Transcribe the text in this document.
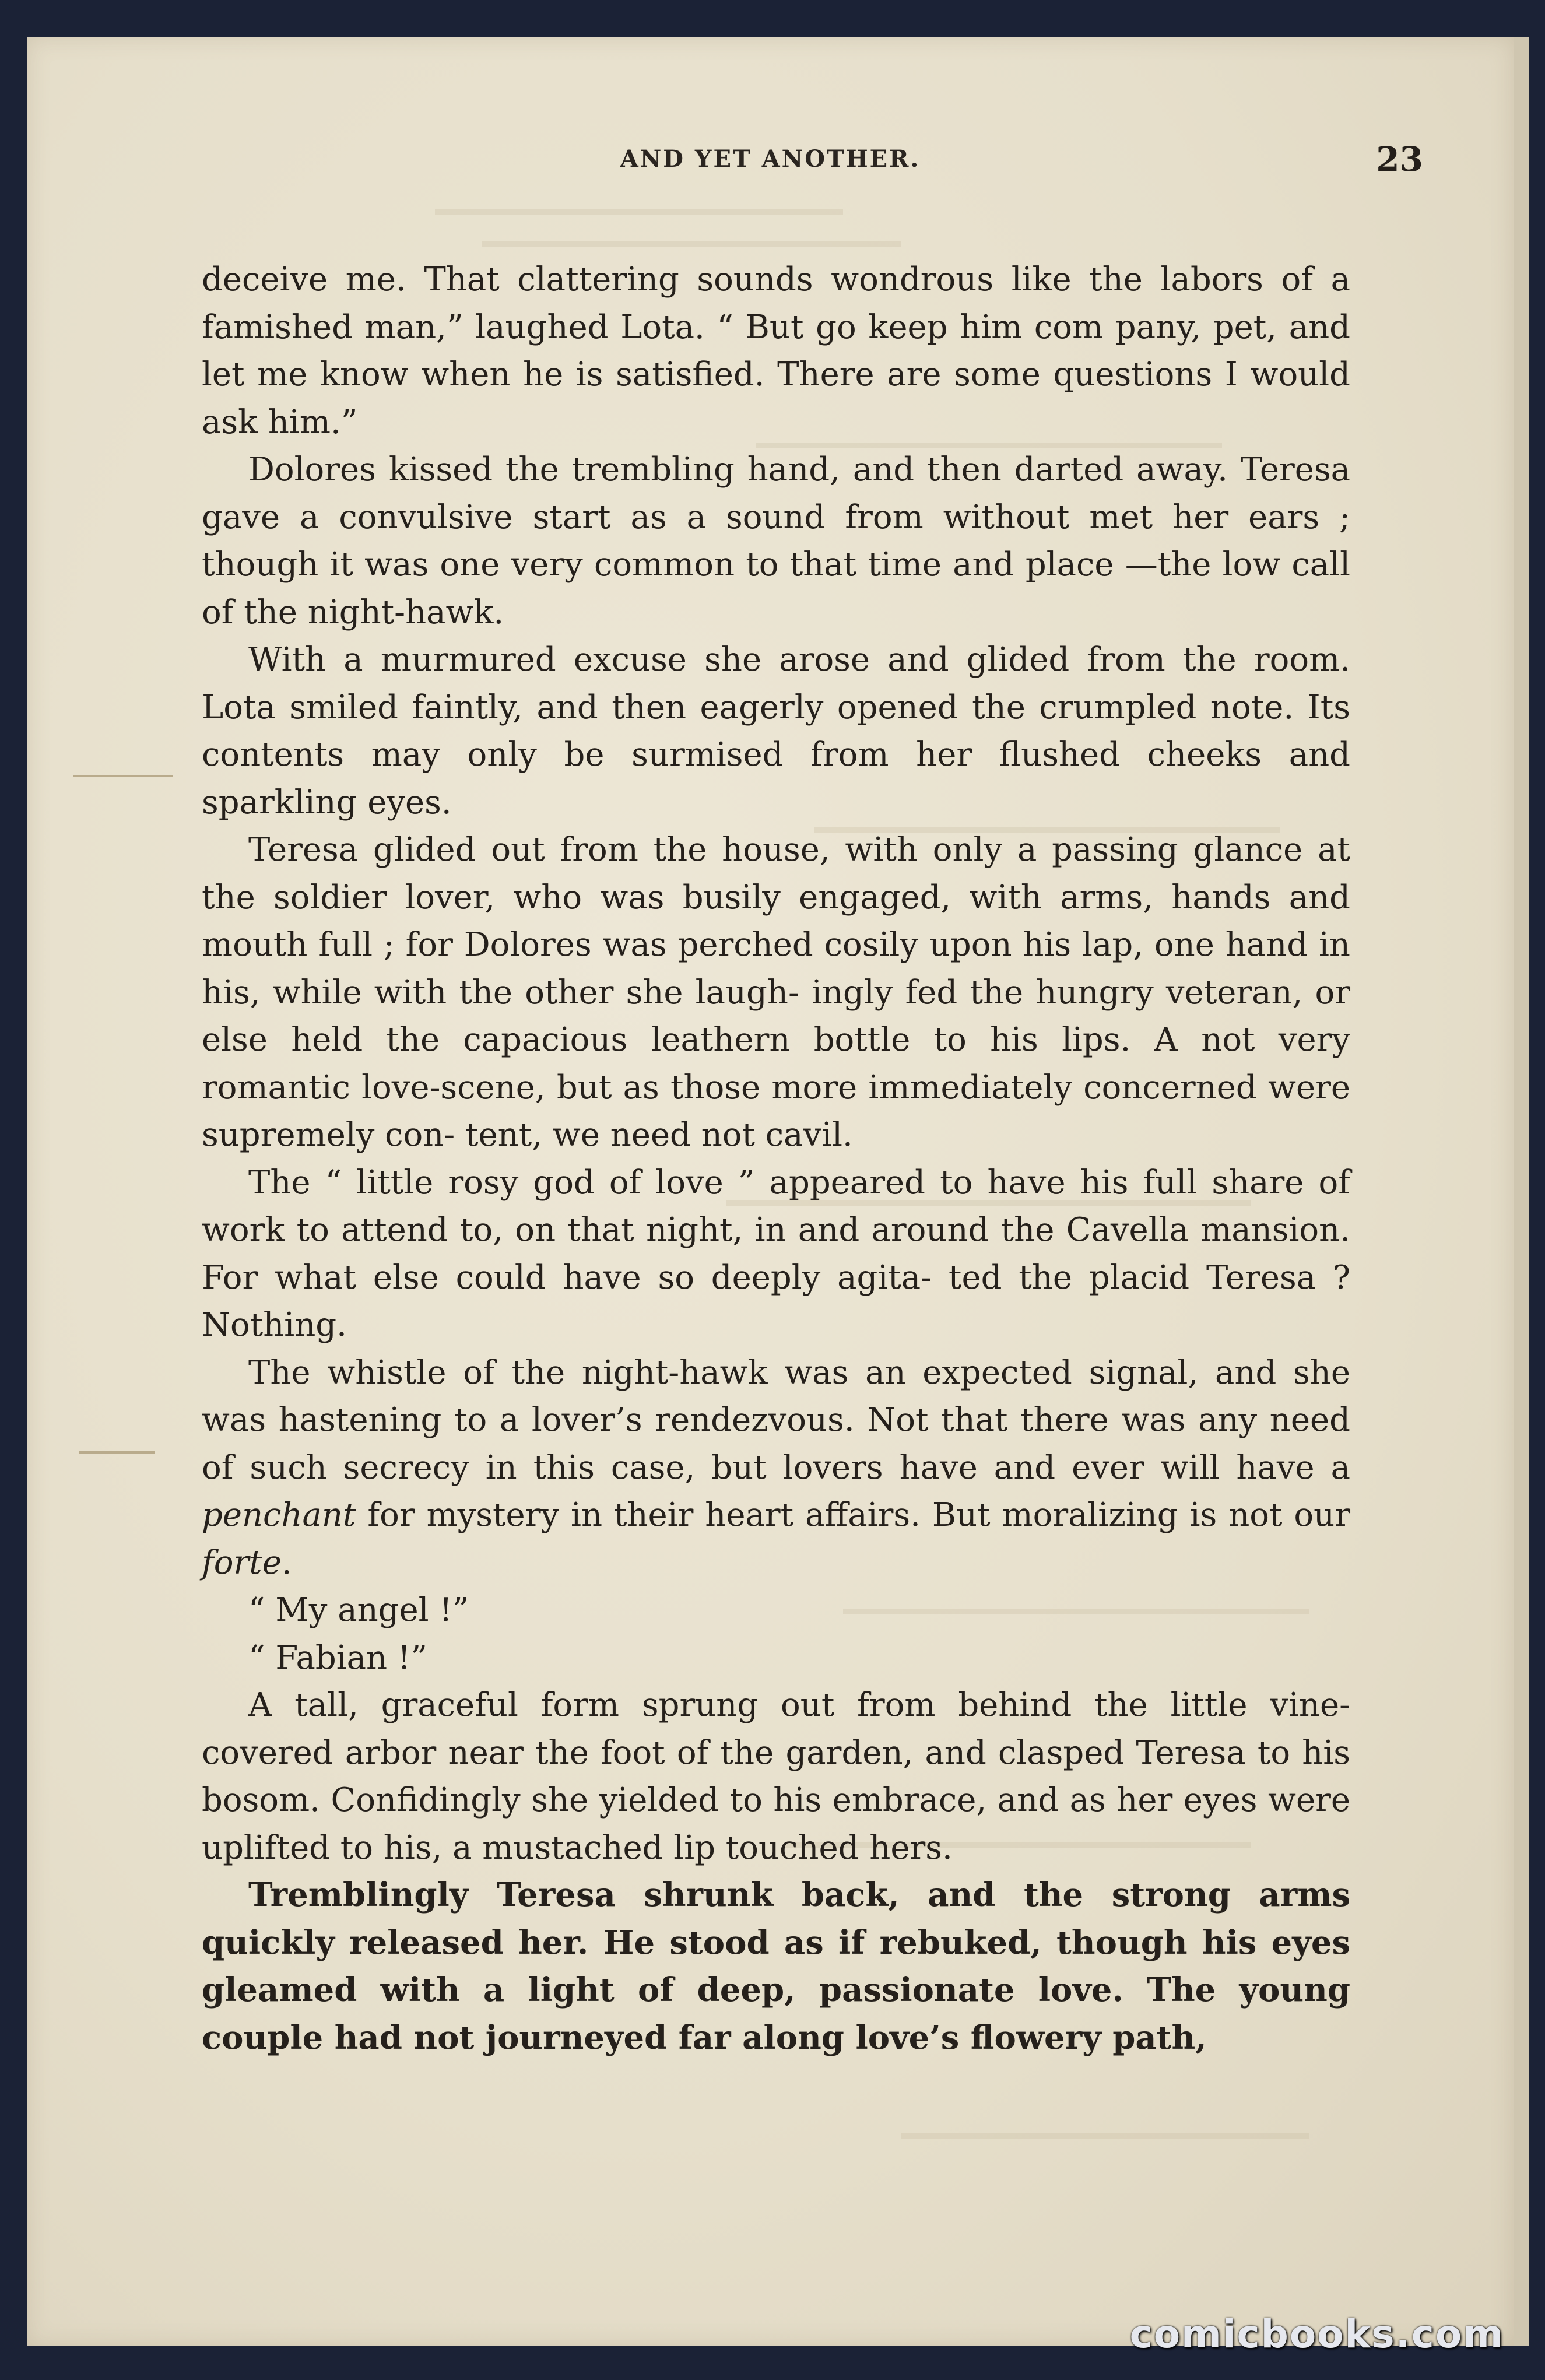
AND YET ANOTHER.	23

deceive me. That clattering sounds wondrous like the labors of a famished man,” laughed Lota. “ But go keep him com pany, pet, and let me know when he is satisfied. There are some questions I would ask him.”

Dolores kissed the trembling hand, and then darted away. Teresa gave a convulsive start as a sound from without met her ears ; though it was one very common to that time and place —the low call of the night-hawk.

With a murmured excuse she arose and glided from the room. Lota smiled faintly, and then eagerly opened the crumpled note. Its contents may only be surmised from her flushed cheeks and sparkling eyes.

Teresa glided out from the house, with only a passing glance at the soldier lover, who was busily engaged, with arms, hands and mouth full ; for Dolores was perched cosily upon his lap, one hand in his, while with the other she laugh- ingly fed the hungry veteran, or else held the capacious leathern bottle to his lips. A not very romantic love-scene, but as those more immediately concerned were supremely con- tent, we need not cavil.

The “ little rosy god of love ” appeared to have his full share of work to attend to, on that night, in and around the Cavella mansion. For what else could have so deeply agita- ted the placid Teresa ? Nothing.

The whistle of the night-hawk was an expected signal, and she was hastening to a lover’s rendezvous. Not that there was any need of such secrecy in this case, but lovers have and ever will have a penchant for mystery in their heart affairs. But moralizing is not our forte.

“ My angel !”

“ Fabian !”

A tall, graceful form sprung out from behind the little vine-covered arbor near the foot of the garden, and clasped Teresa to his bosom. Confidingly she yielded to his embrace, and as her eyes were uplifted to his, a mustached lip touched hers.

Tremblingly Teresa shrunk back, and the strong arms quickly released her. He stood as if rebuked, though his eyes gleamed with a light of deep, passionate love. The young couple had not journeyed far along love’s flowery path,

comicbooks.com
